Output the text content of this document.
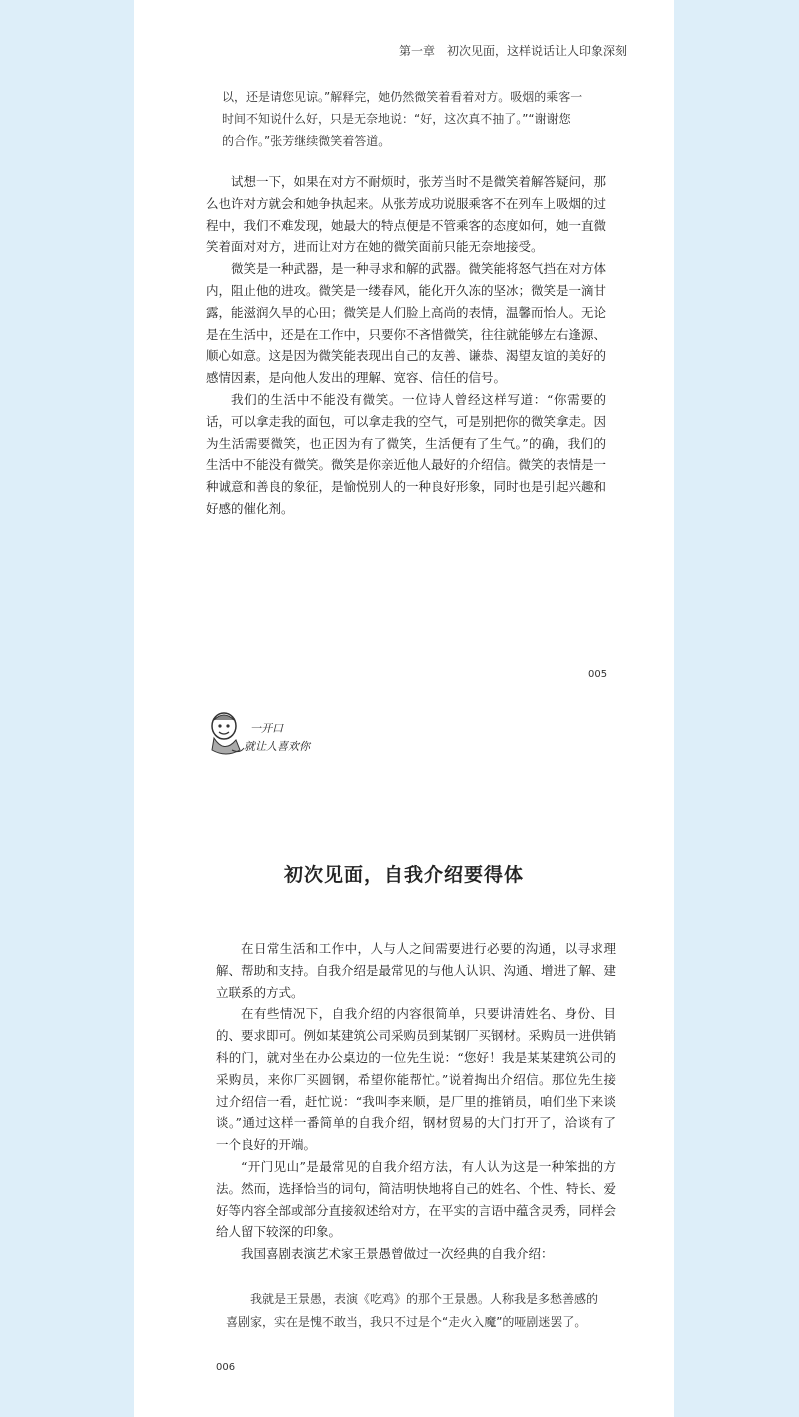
第一章　初次见面，这样说话让人印象深刻

以，还是请您见谅。”解释完，她仍然微笑着看着对方。吸烟的乘客一

时间不知说什么好，只是无奈地说：“好，这次真不抽了。”“谢谢您

的合作。”张芳继续微笑着答道。

试想一下，如果在对方不耐烦时，张芳当时不是微笑着解答疑问，那么也许对方就会和她争执起来。从张芳成功说服乘客不在列车上吸烟的过程中，我们不难发现，她最大的特点便是不管乘客的态度如何，她一直微笑着面对对方，进而让对方在她的微笑面前只能无奈地接受。

微笑是一种武器，是一种寻求和解的武器。微笑能将怒气挡在对方体内，阻止他的进攻。微笑是一缕春风，能化开久冻的坚冰；微笑是一滴甘露，能滋润久旱的心田；微笑是人们脸上高尚的表情，温馨而怡人。无论是在生活中，还是在工作中，只要你不吝惜微笑，往往就能够左右逢源、顺心如意。这是因为微笑能表现出自己的友善、谦恭、渴望友谊的美好的感情因素，是向他人发出的理解、宽容、信任的信号。

我们的生活中不能没有微笑。一位诗人曾经这样写道：“你需要的话，可以拿走我的面包，可以拿走我的空气，可是别把你的微笑拿走。因为生活需要微笑，也正因为有了微笑，生活便有了生气。”的确，我们的生活中不能没有微笑。微笑是你亲近他人最好的介绍信。微笑的表情是一种诚意和善良的象征，是愉悦别人的一种良好形象，同时也是引起兴趣和好感的催化剂。

005
一开口
就让人喜欢你
初次见面，自我介绍要得体

在日常生活和工作中，人与人之间需要进行必要的沟通，以寻求理解、帮助和支持。自我介绍是最常见的与他人认识、沟通、增进了解、建立联系的方式。

在有些情况下，自我介绍的内容很简单，只要讲清姓名、身份、目的、要求即可。例如某建筑公司采购员到某钢厂买钢材。采购员一进供销科的门，就对坐在办公桌边的一位先生说：“您好！我是某某建筑公司的采购员，来你厂买圆钢，希望你能帮忙。”说着掏出介绍信。那位先生接过介绍信一看，赶忙说：“我叫李来顺，是厂里的推销员，咱们坐下来谈谈。”通过这样一番简单的自我介绍，钢材贸易的大门打开了，洽谈有了一个良好的开端。

“开门见山”是最常见的自我介绍方法，有人认为这是一种笨拙的方法。然而，选择恰当的词句，简洁明快地将自己的姓名、个性、特长、爱好等内容全部或部分直接叙述给对方，在平实的言语中蕴含灵秀，同样会给人留下较深的印象。

我国喜剧表演艺术家王景愚曾做过一次经典的自我介绍：

　　我就是王景愚，表演《吃鸡》的那个王景愚。人称我是多愁善感的

喜剧家，实在是愧不敢当，我只不过是个“走火入魔”的哑剧迷罢了。

006
